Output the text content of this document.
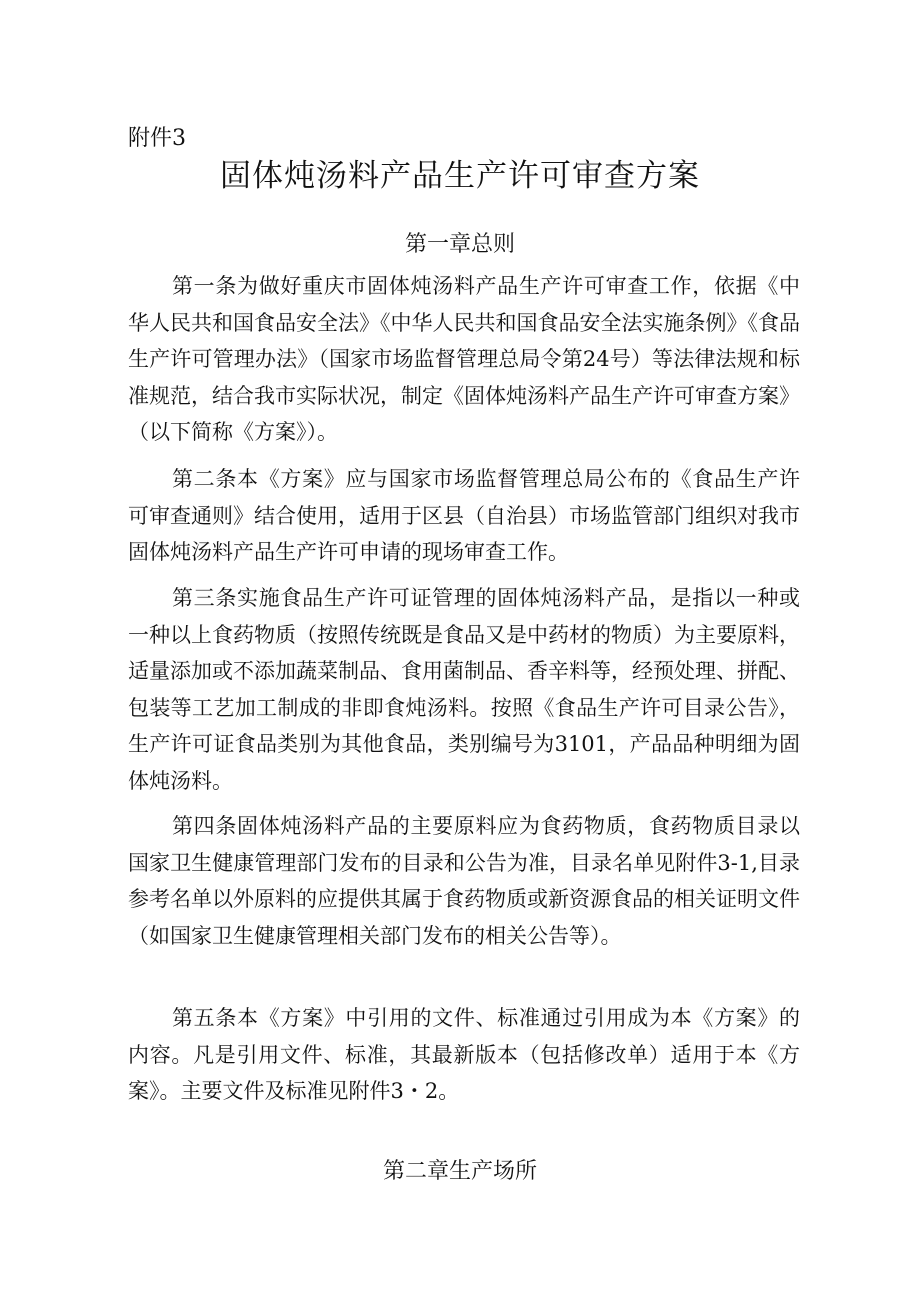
附件3
固体炖汤料产品生产许可审查方案
第一章总则

第一条为做好重庆市固体炖汤料产品生产许可审查工作，依据《中华人民共和国食品安全法》《中华人民共和国食品安全法实施条例》《食品生产许可管理办法》（国家市场监督管理总局令第24号）等法律法规和标准规范，结合我市实际状况，制定《固体炖汤料产品生产许可审查方案》（以下简称《方案》）。

第二条本《方案》应与国家市场监督管理总局公布的《食品生产许可审查通则》结合使用，适用于区县（自治县）市场监管部门组织对我市固体炖汤料产品生产许可申请的现场审查工作。

第三条实施食品生产许可证管理的固体炖汤料产品，是指以一种或一种以上食药物质（按照传统既是食品又是中药材的物质）为主要原料，适量添加或不添加蔬菜制品、食用菌制品、香辛料等，经预处理、拼配、包装等工艺加工制成的非即食炖汤料。按照《食品生产许可目录公告》，生产许可证食品类别为其他食品，类别编号为3101，产品品种明细为固体炖汤料。

第四条固体炖汤料产品的主要原料应为食药物质，食药物质目录以国家卫生健康管理部门发布的目录和公告为准，目录名单见附件3-1,目录参考名单以外原料的应提供其属于食药物质或新资源食品的相关证明文件（如国家卫生健康管理相关部门发布的相关公告等）。

第五条本《方案》中引用的文件、标准通过引用成为本《方案》的内容。凡是引用文件、标准，其最新版本（包括修改单）适用于本《方案》。主要文件及标准见附件3・2。

第二章生产场所
